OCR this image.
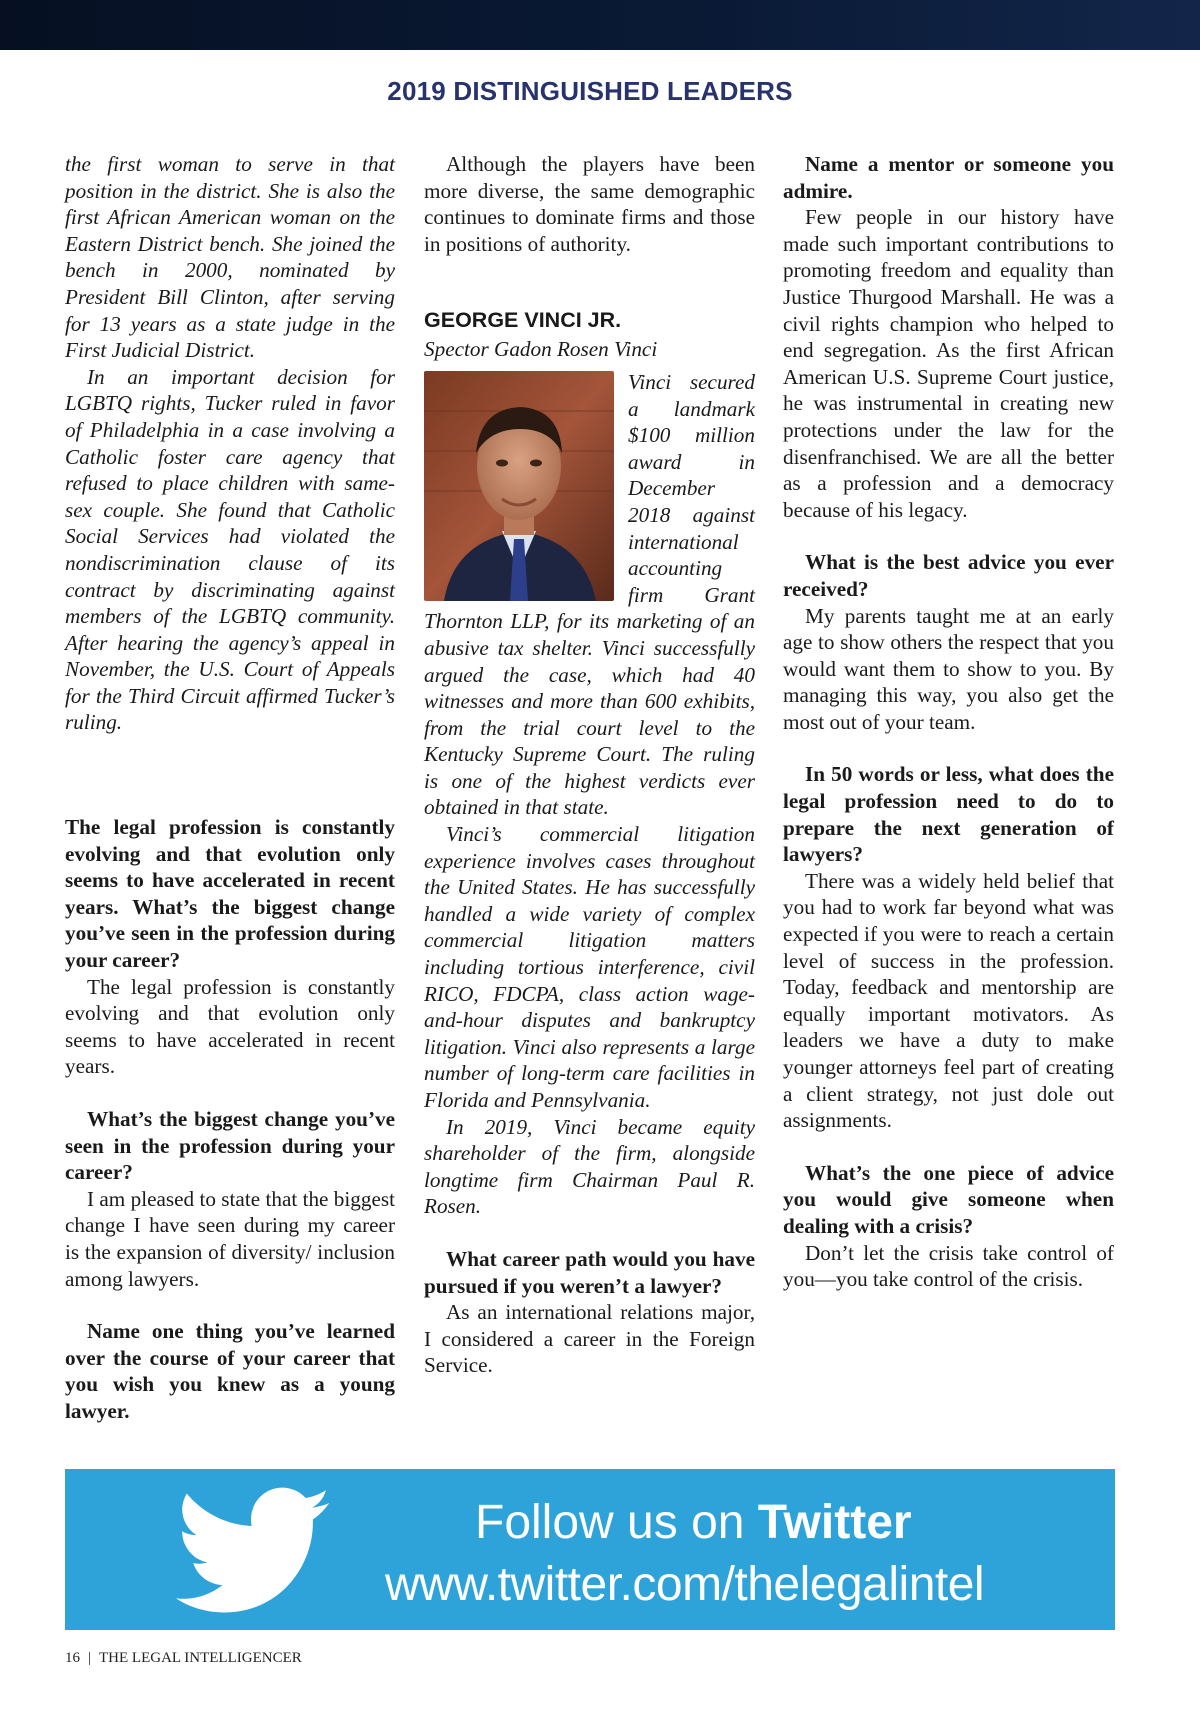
2019 DISTINGUISHED LEADERS

the first woman to serve in that position in the district. She is also the first African American woman on the Eastern District bench. She joined the bench in 2000, nominated by President Bill Clinton, after serving for 13 years as a state judge in the First Judicial District.

In an important decision for LGBTQ rights, Tucker ruled in favor of Philadelphia in a case involving a Catholic foster care agency that refused to place children with same-sex couple. She found that Catholic Social Services had violated the nondiscrimination clause of its contract by discriminating against members of the LGBTQ community. After hearing the agency’s appeal in November, the U.S. Court of Appeals for the Third Circuit affirmed Tucker’s ruling.

The legal profession is constantly evolving and that evolution only seems to have accelerated in recent years. What’s the biggest change you’ve seen in the profession during your career?

The legal profession is constantly evolving and that evolution only seems to have accelerated in recent years.

What’s the biggest change you’ve seen in the profession during your career?

I am pleased to state that the biggest change I have seen during my career is the expansion of diversity/ inclusion among lawyers.

Name one thing you’ve learned over the course of your career that you wish you knew as a young lawyer.

Although the players have been more diverse, the same demographic continues to dominate firms and those in positions of authority.

GEORGE VINCI JR.

Spector Gadon Rosen Vinci

Vinci secured a landmark $100 million award in December 2018 against international accounting firm Grant Thornton LLP, for its marketing of an abusive tax shelter. Vinci successfully argued the case, which had 40 witnesses and more than 600 exhibits, from the trial court level to the Kentucky Supreme Court. The ruling is one of the highest verdicts ever obtained in that state.

Vinci’s commercial litigation experience involves cases throughout the United States. He has successfully handled a wide variety of complex commercial litigation matters including tortious interference, civil RICO, FDCPA, class action wage-and-hour disputes and bankruptcy litigation. Vinci also represents a large number of long-term care facilities in Florida and Pennsylvania.

In 2019, Vinci became equity shareholder of the firm, alongside longtime firm Chairman Paul R. Rosen.

What career path would you have pursued if you weren’t a lawyer?

As an international relations major, I considered a career in the Foreign Service.

Name a mentor or someone you admire.

Few people in our history have made such important contributions to promoting freedom and equality than Justice Thurgood Marshall. He was a civil rights champion who helped to end segregation. As the first African American U.S. Supreme Court justice, he was instrumental in creating new protections under the law for the disenfranchised. We are all the better as a profession and a democracy because of his legacy.

What is the best advice you ever received?

My parents taught me at an early age to show others the respect that you would want them to show to you. By managing this way, you also get the most out of your team.

In 50 words or less, what does the legal profession need to do to prepare the next generation of lawyers?

There was a widely held belief that you had to work far beyond what was expected if you were to reach a certain level of success in the profession. Today, feedback and mentorship are equally important motivators. As leaders we have a duty to make younger attorneys feel part of creating a client strategy, not just dole out assignments.

What’s the one piece of advice you would give someone when dealing with a crisis?

Don’t let the crisis take control of you—you take control of the crisis.

Follow us on Twitter
www.twitter.com/thelegalintel
16 | THE LEGAL INTELLIGENCER
